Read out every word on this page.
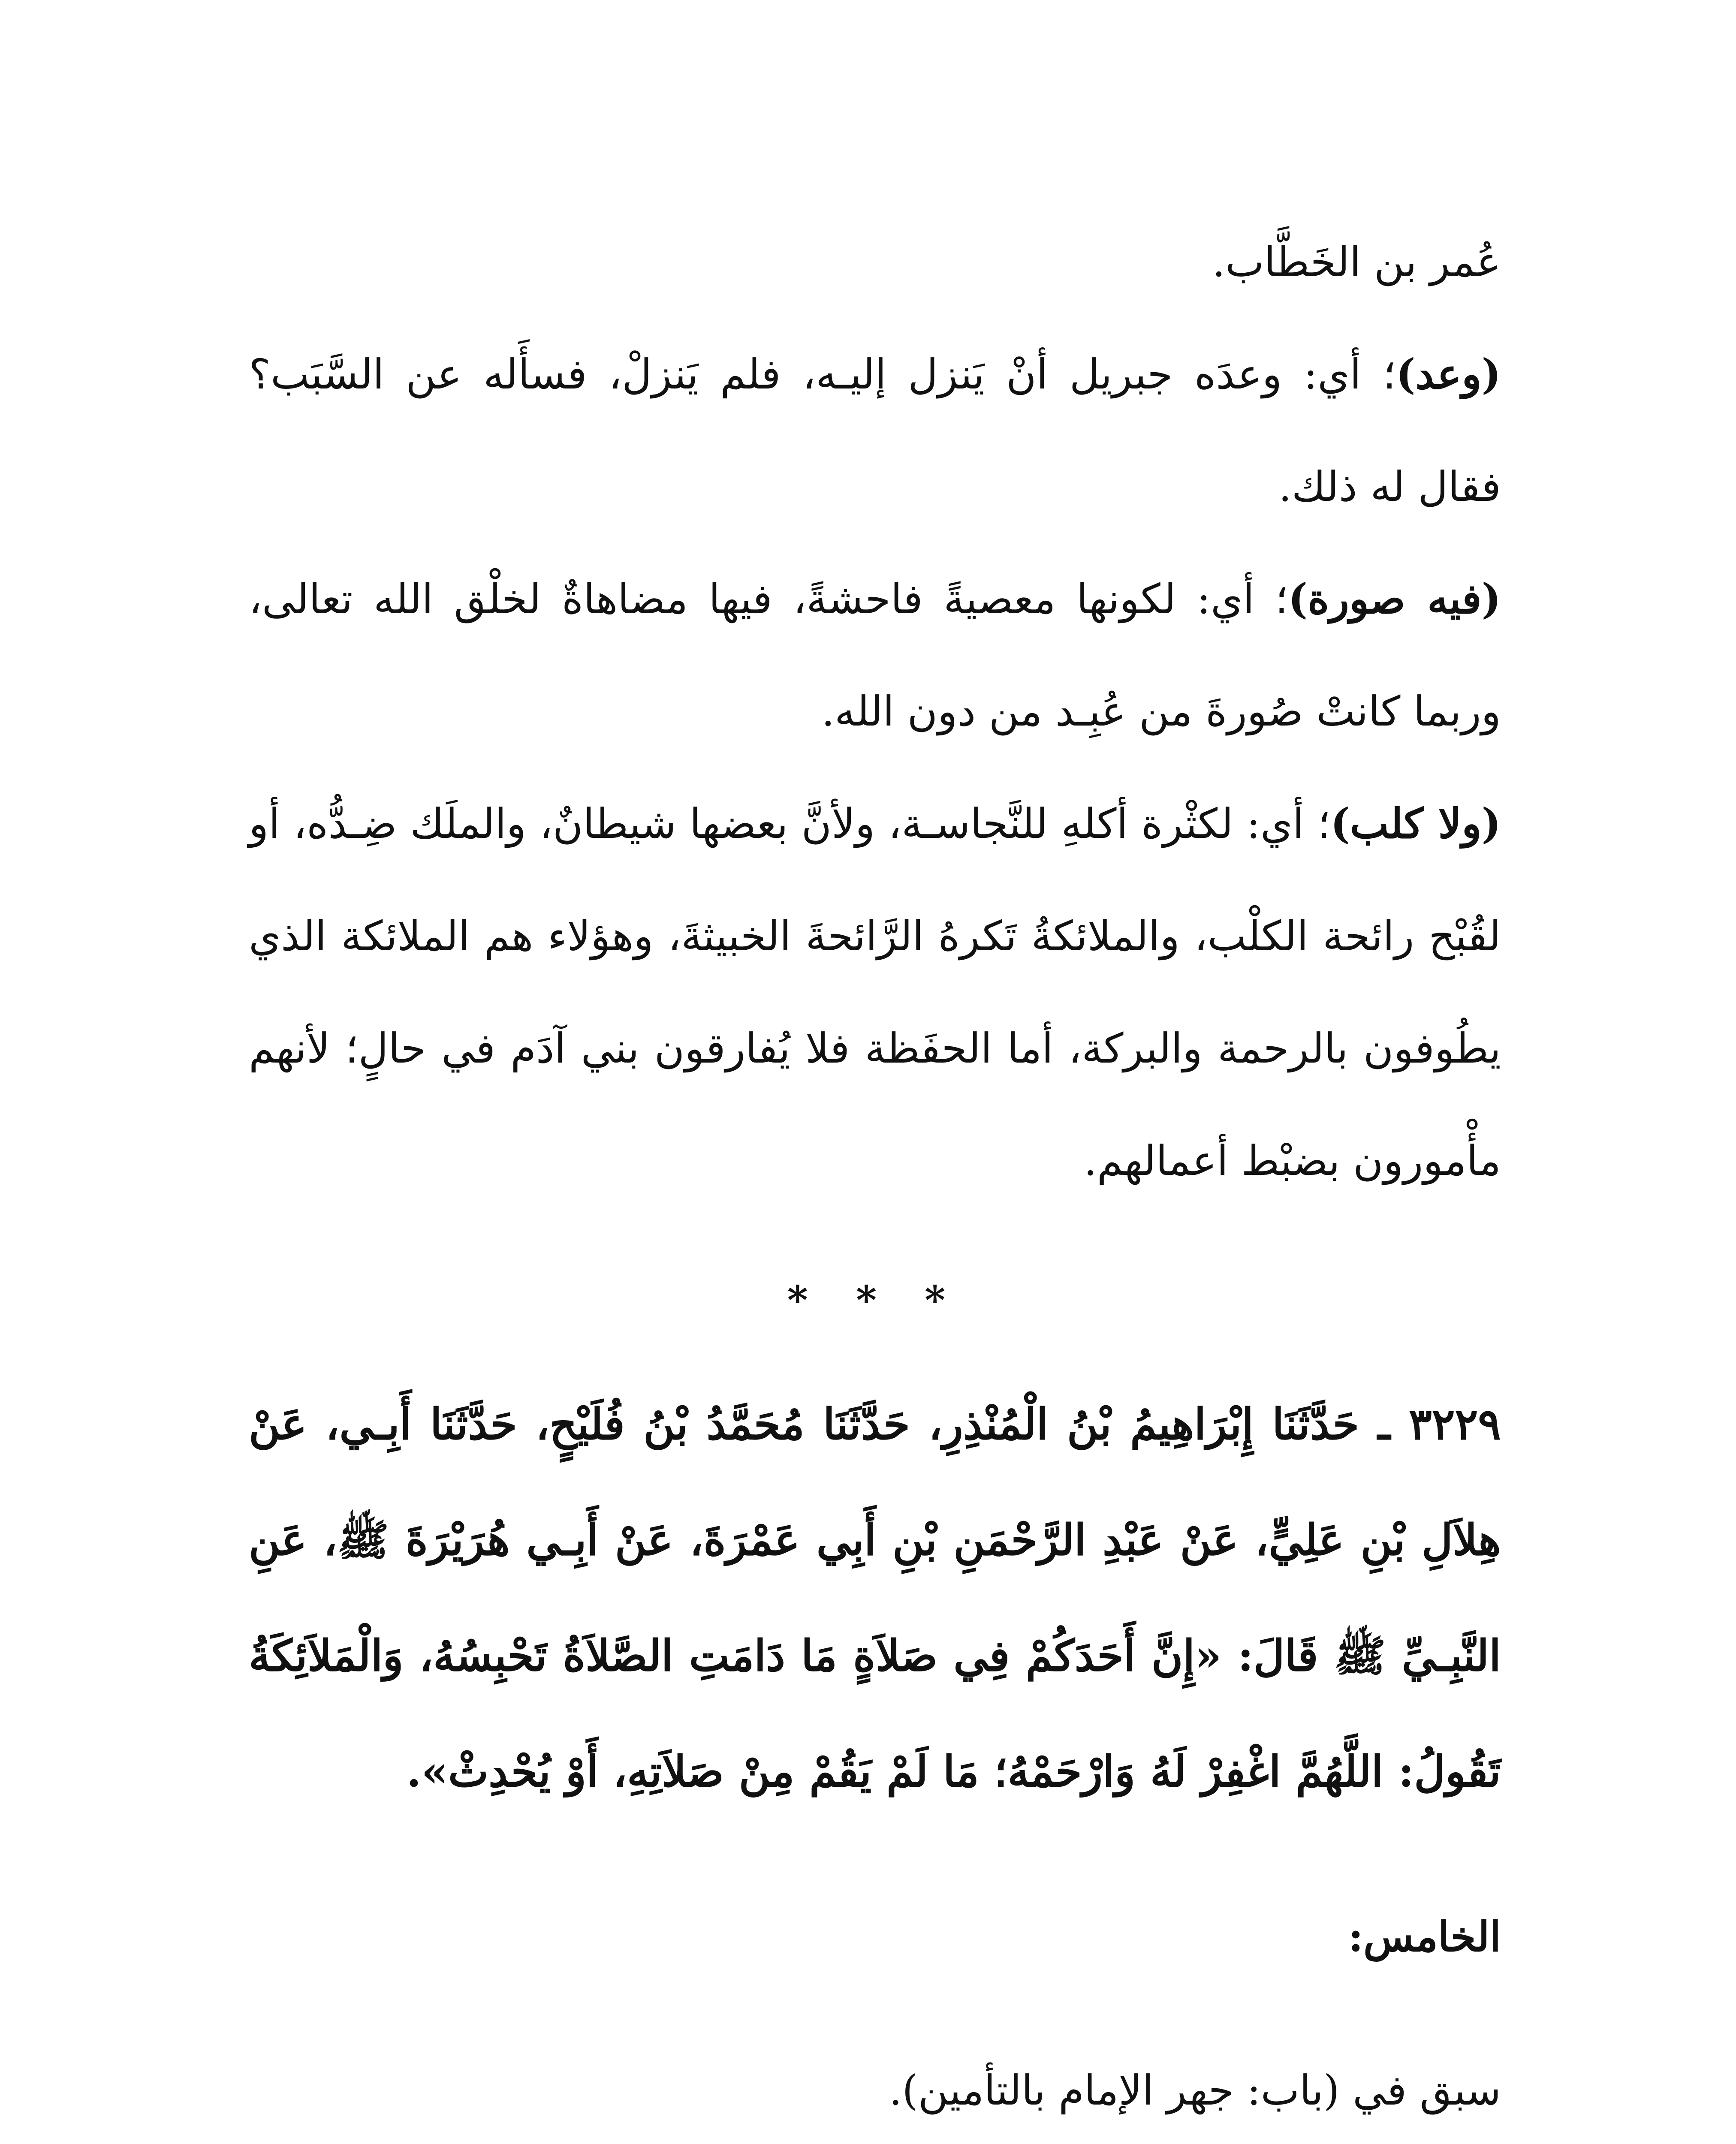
عُمر بن الخَطَّاب.

(وعد)؛ أي: وعدَه جبريل أنْ يَنزل إليـه، فلم يَنزلْ، فسأَله عن السَّبَب؟ فقال له ذلك.

(فيه صورة)؛ أي: لكونها معصيةً فاحشةً، فيها مضاهاةٌ لخلْق الله تعالى، وربما كانتْ صُورةَ من عُبِـد من دون الله.

(ولا كلب)؛ أي: لكثْرة أكلهِ للنَّجاسـة، ولأنَّ بعضها شيطانٌ، والملَك ضِـدُّه، أو لقُبْح رائحة الكلْب، والملائكةُ تَكرهُ الرَّائحةَ الخبيثةَ، وهؤلاء هم الملائكة الذي يطُوفون بالرحمة والبركة، أما الحفَظة فلا يُفارقون بني آدَم في حالٍ؛ لأنهم مأْمورون بضبْط أعمالهم.

* * *

٣٢٢٩ ـ حَدَّثَنَا إِبْرَاهِيمُ بْنُ الْمُنْذِرِ، حَدَّثَنَا مُحَمَّدُ بْنُ فُلَيْحٍ، حَدَّثَنَا أَبِـي، عَنْ هِلاَلِ بْنِ عَلِيٍّ، عَنْ عَبْدِ الرَّحْمَنِ بْنِ أَبِي عَمْرَةَ، عَنْ أَبِـي هُرَيْرَةَ ﷺ، عَنِ النَّبِـيِّ ﷺ قَالَ: «إِنَّ أَحَدَكُمْ فِي صَلاَةٍ مَا دَامَتِ الصَّلاَةُ تَحْبِسُهُ، وَالْمَلاَئِكَةُ تَقُولُ: اللَّهُمَّ اغْفِرْ لَهُ وَارْحَمْهُ؛ مَا لَمْ يَقُمْ مِنْ صَلاَتِهِ، أَوْ يُحْدِثْ».

الخامس:

سبق في (باب: جهر الإمام بالتأمين).
